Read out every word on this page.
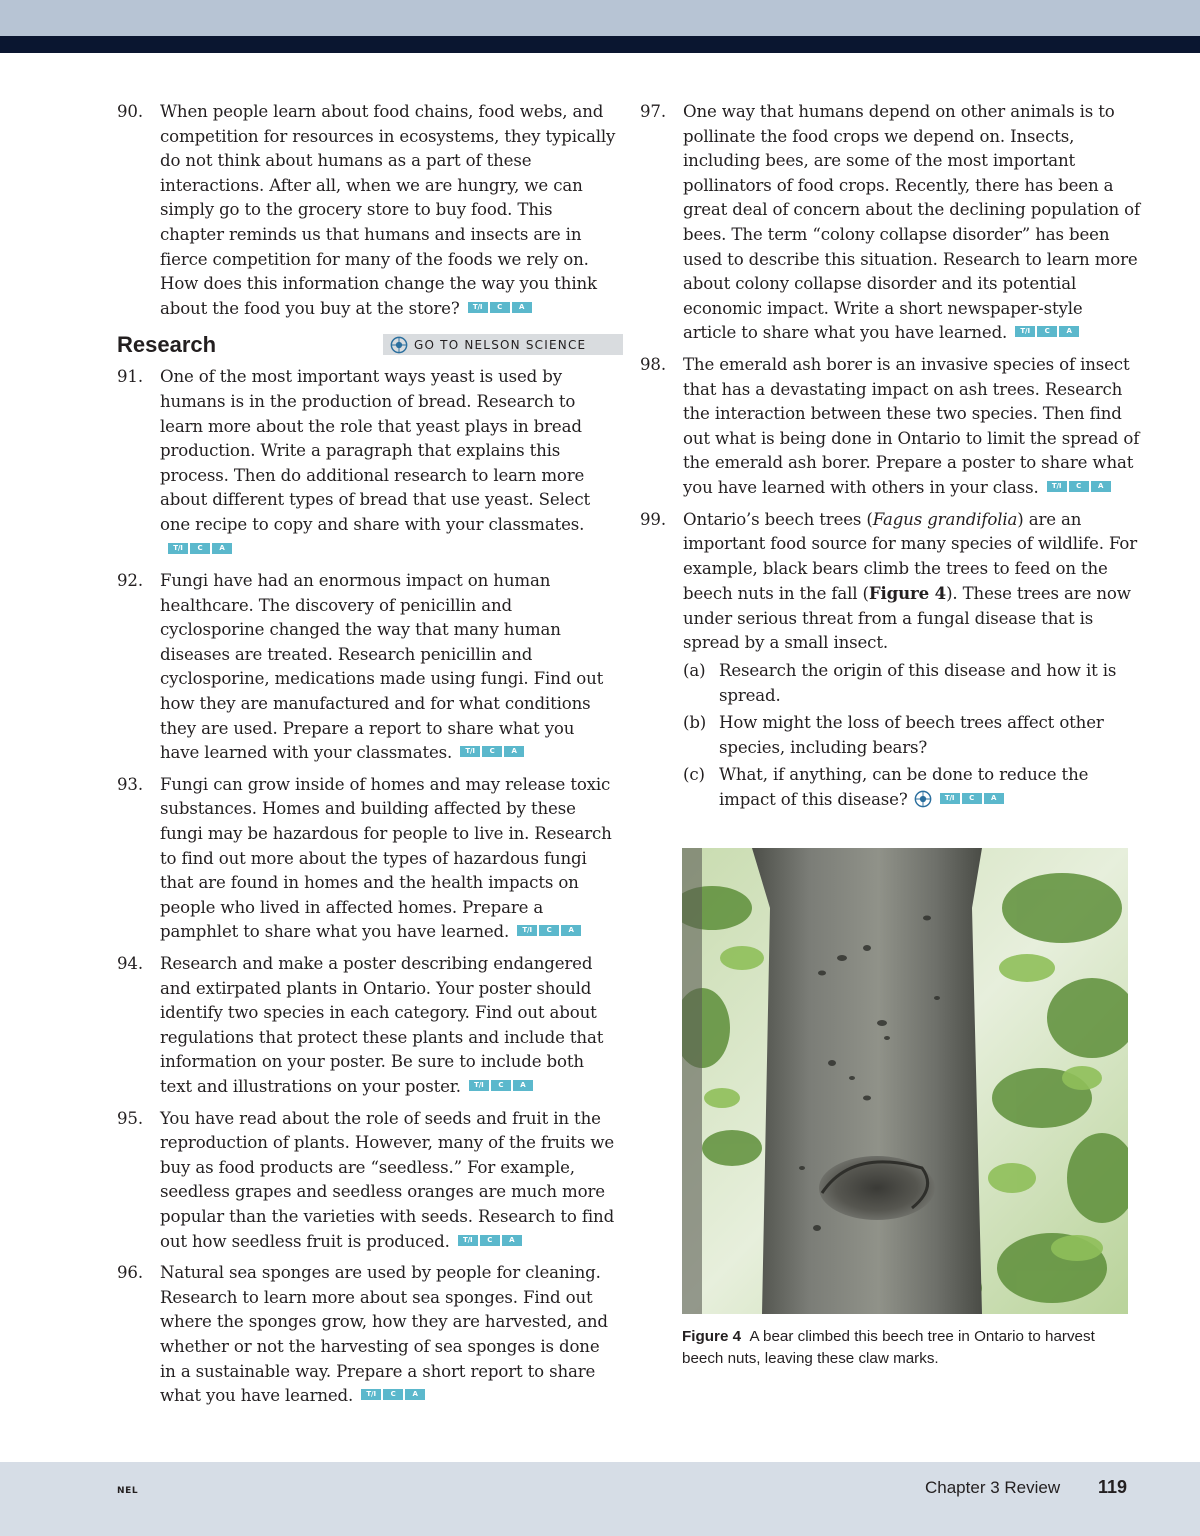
90. When people learn about food chains, food webs, and competition for resources in ecosystems, they typically do not think about humans as a part of these interactions. After all, when we are hungry, we can simply go to the grocery store to buy food. This chapter reminds us that humans and insects are in fierce competition for many of the foods we rely on. How does this information change the way you think about the food you buy at the store?	T/I	C	A
Research	GO TO NELSON SCIENCE
91. One of the most important ways yeast is used by humans is in the production of bread. Research to learn more about the role that yeast plays in bread production. Write a paragraph that explains this process. Then do additional research to learn more about different types of bread that use yeast. Select one recipe to copy and share with your classmates.
T/I	C	A
92. Fungi have had an enormous impact on human healthcare. The discovery of penicillin and cyclosporine changed the way that many human diseases are treated. Research penicillin and cyclosporine, medications made using fungi. Find out how they are manufactured and for what conditions they are used. Prepare a report to share what you have learned with your classmates.	T/I	C	A
93. Fungi can grow inside of homes and may release toxic substances. Homes and building affected by these fungi may be hazardous for people to live in. Research to find out more about the types of hazardous fungi that are found in homes and the health impacts on people who lived in affected homes. Prepare a pamphlet to share what you have learned.	T/I	C	A
94. Research and make a poster describing endangered and extirpated plants in Ontario. Your poster should identify two species in each category. Find out about regulations that protect these plants and include that information on your poster. Be sure to include both text and illustrations on your poster.	T/I	C	A
95. You have read about the role of seeds and fruit in the reproduction of plants. However, many of the fruits we buy as food products are “seedless.” For example, seedless grapes and seedless oranges are much more popular than the varieties with seeds. Research to find out how seedless fruit is produced.	T/I	C	A
96. Natural sea sponges are used by people for cleaning. Research to learn more about sea sponges. Find out where the sponges grow, how they are harvested, and whether or not the harvesting of sea sponges is done in a sustainable way. Prepare a short report to share what you have learned.	T/I	C	A
97. One way that humans depend on other animals is to pollinate the food crops we depend on. Insects, including bees, are some of the most important pollinators of food crops. Recently, there has been a great deal of concern about the declining population of bees. The term “colony collapse disorder” has been used to describe this situation. Research to learn more about colony collapse disorder and its potential economic impact. Write a short newspaper-style article to share what you have learned.	T/I	C	A
98. The emerald ash borer is an invasive species of insect that has a devastating impact on ash trees. Research the interaction between these two species. Then find out what is being done in Ontario to limit the spread of the emerald ash borer. Prepare a poster to share what you have learned with others in your class.	T/I	C	A
99. Ontario’s beech trees (Fagus grandifolia) are an important food source for many species of wildlife. For example, black bears climb the trees to feed on the beech nuts in the fall (Figure 4). These trees are now under serious threat from a fungal disease that is spread by a small insect.
(a) Research the origin of this disease and how it is spread.
(b) How might the loss of beech trees affect other species, including bears?
(c) What, if anything, can be done to reduce the impact of this disease?	T/I	C	A
Figure 4 A bear climbed this beech tree in Ontario to harvest beech nuts, leaving these claw marks.
NEL	Chapter 3 Review 119
